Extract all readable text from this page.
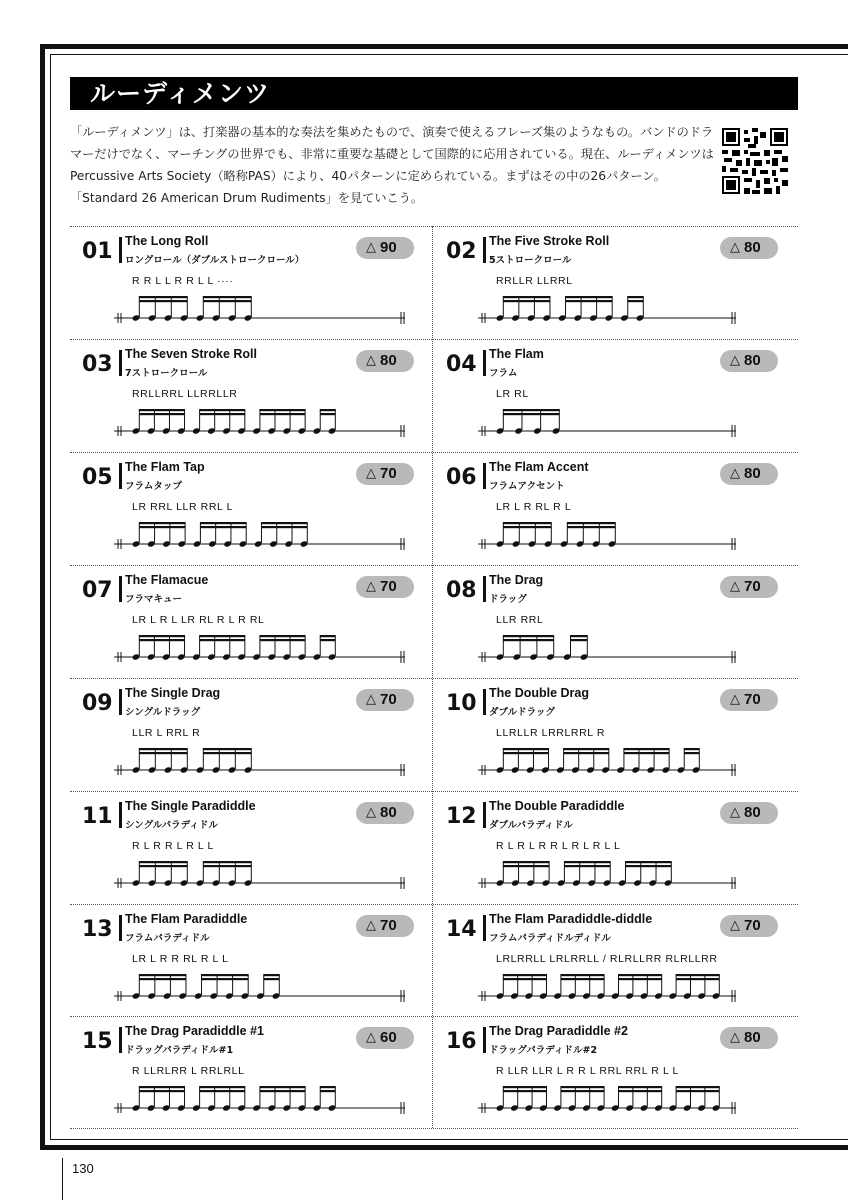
ルーディメンツ
「ルーディメンツ」は、打楽器の基本的な奏法を集めたもので、演奏で使えるフレーズ集のようなもの。バンドのドラマーだけでなく、マーチングの世界でも、非常に重要な基礎として国際的に応用されている。現在、ルーディメンツはPercussive Arts Society（略称PAS）により、40パターンに定められている。まずはその中の26パターン。「Standard 26 American Drum Rudiments」を見ていこう。
01 The Long Roll
ロングロール（ダブルストロークロール）
△ 90
R R L L R R L L ····
02 The Five Stroke Roll
5ストロークロール
△ 80
RRLLR LLRRL
03 The Seven Stroke Roll
7ストロークロール
△ 80
RRLLRRL LLRRLLR
04 The Flam
フラム
△ 80
LR RL
05 The Flam Tap
フラムタップ
△ 70
LR RRL LLR RRL L
06 The Flam Accent
フラムアクセント
△ 80
LR L R RL R L
07 The Flamacue
フラマキュー
△ 70
LR L R L LR RL R L R RL
08 The Drag
ドラッグ
△ 70
LLR RRL
09 The Single Drag
シングルドラッグ
△ 70
LLR L RRL R
10 The Double Drag
ダブルドラッグ
△ 70
LLRLLR LRRLRRL R
11 The Single Paradiddle
シングルパラディドル
△ 80
R L R R L R L L
12 The Double Paradiddle
ダブルパラディドル
△ 80
R L R L R R L R L R L L
13 The Flam Paradiddle
フラムパラディドル
△ 70
LR L R R RL R L L
14 The Flam Paradiddle-diddle
フラムパラディドルディドル
△ 70
LRLRRLL LRLRRLL / RLRLLRR RLRLLRR
15 The Drag Paradiddle #1
ドラッグパラディドル#1
△ 60
R LLRLRR L RRLRLL
16 The Drag Paradiddle #2
ドラッグパラディドル#2
△ 80
R LLR LLR L R R L RRL RRL R L L
130
